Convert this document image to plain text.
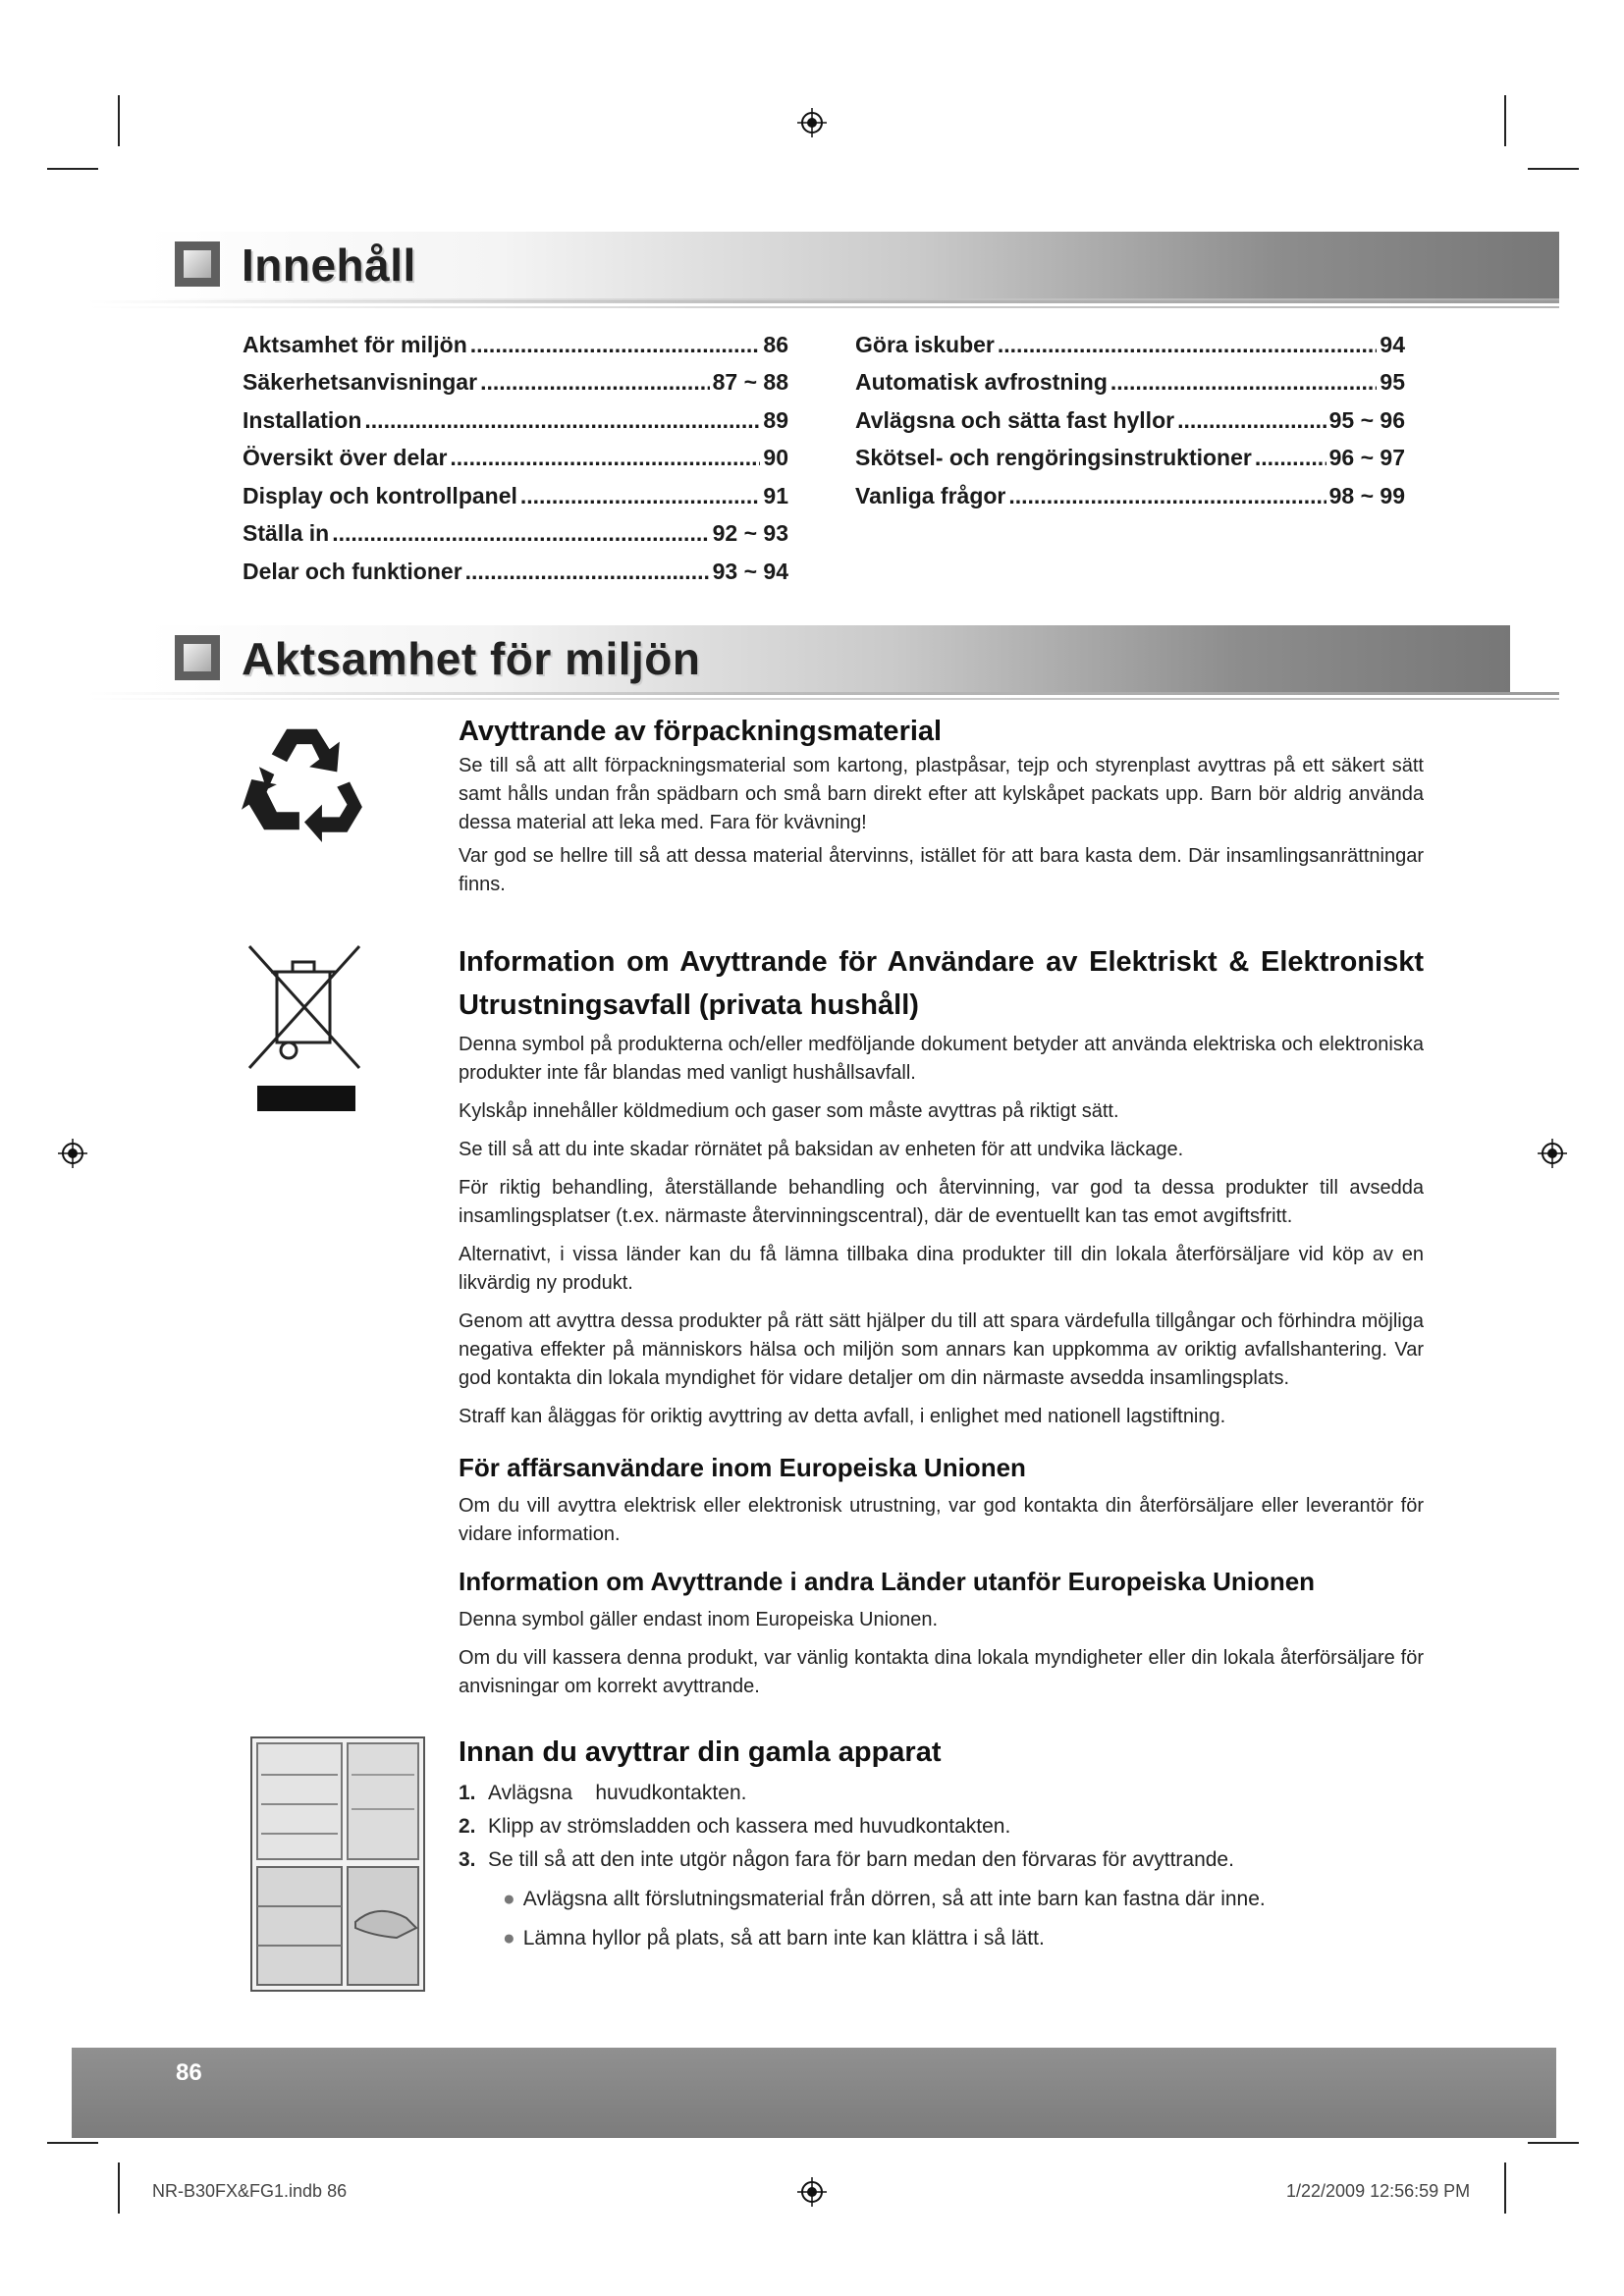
Innehåll
Aktsamhet för miljön .....	86
Säkerhetsanvisningar .....	87 ~ 88
Installation .....	89
Översikt över delar .....	90
Display och kontrollpanel .....	91
Ställa in .....	92 ~ 93
Delar och funktioner .....	93 ~ 94
Göra iskuber .....	94
Automatisk avfrostning .....	95
Avlägsna och sätta fast hyllor .....	95 ~ 96
Skötsel- och rengöringsinstruktioner .....	96 ~ 97
Vanliga frågor .....	98 ~ 99
Aktsamhet för miljön

Avyttrande av förpackningsmaterial

Se till så att allt förpackningsmaterial som kartong, plastpåsar, tejp och styrenplast avyttras på ett säkert sätt samt hålls undan från spädbarn och små barn direkt efter att kylskåpet packats upp. Barn bör aldrig använda dessa material att leka med. Fara för kvävning!

Var god se hellre till så att dessa material återvinns, istället för att bara kasta dem. Där insamlingsanrättningar finns.

Information om Avyttrande för Användare av Elektriskt & Elektroniskt Utrustningsavfall (privata hushåll)

Denna symbol på produkterna och/eller medföljande dokument betyder att använda elektriska och elektroniska produkter inte får blandas med vanligt hushållsavfall.

Kylskåp innehåller köldmedium och gaser som måste avyttras på riktigt sätt.

Se till så att du inte skadar rörnätet på baksidan av enheten för att undvika läckage.

För riktig behandling, återställande behandling och återvinning, var god ta dessa produkter till avsedda insamlingsplatser (t.ex. närmaste återvinningscentral), där de eventuellt kan tas emot avgiftsfritt.

Alternativt, i vissa länder kan du få lämna tillbaka dina produkter till din lokala återförsäljare vid köp av en likvärdig ny produkt.

Genom att avyttra dessa produkter på rätt sätt hjälper du till att spara värdefulla tillgångar och förhindra möjliga negativa effekter på människors hälsa och miljön som annars kan uppkomma av oriktig avfallshantering. Var god kontakta din lokala myndighet för vidare detaljer om din närmaste avsedda insamlingsplats.

Straff kan åläggas för oriktig avyttring av detta avfall, i enlighet med nationell lagstiftning.

För affärsanvändare inom Europeiska Unionen

Om du vill avyttra elektrisk eller elektronisk utrustning, var god kontakta din återförsäljare eller leverantör för vidare information.

Information om Avyttrande i andra Länder utanför Europeiska Unionen

Denna symbol gäller endast inom Europeiska Unionen.

Om du vill kassera denna produkt, var vänlig kontakta dina lokala myndigheter eller din lokala återförsäljare för anvisningar om korrekt avyttrande.

Innan du avyttrar din gamla apparat

1. Avlägsna    huvudkontakten.
2. Klipp av strömsladden och kassera med huvudkontakten.
3. Se till så att den inte utgör någon fara för barn medan den förvaras för avyttrande.
● Avlägsna allt förslutningsmaterial från dörren, så att inte barn kan fastna där inne.
● Lämna hyllor på plats, så att barn inte kan klättra i så lätt.
86
NR-B30FX&FG1.indb 86	1/22/2009 12:56:59 PM
